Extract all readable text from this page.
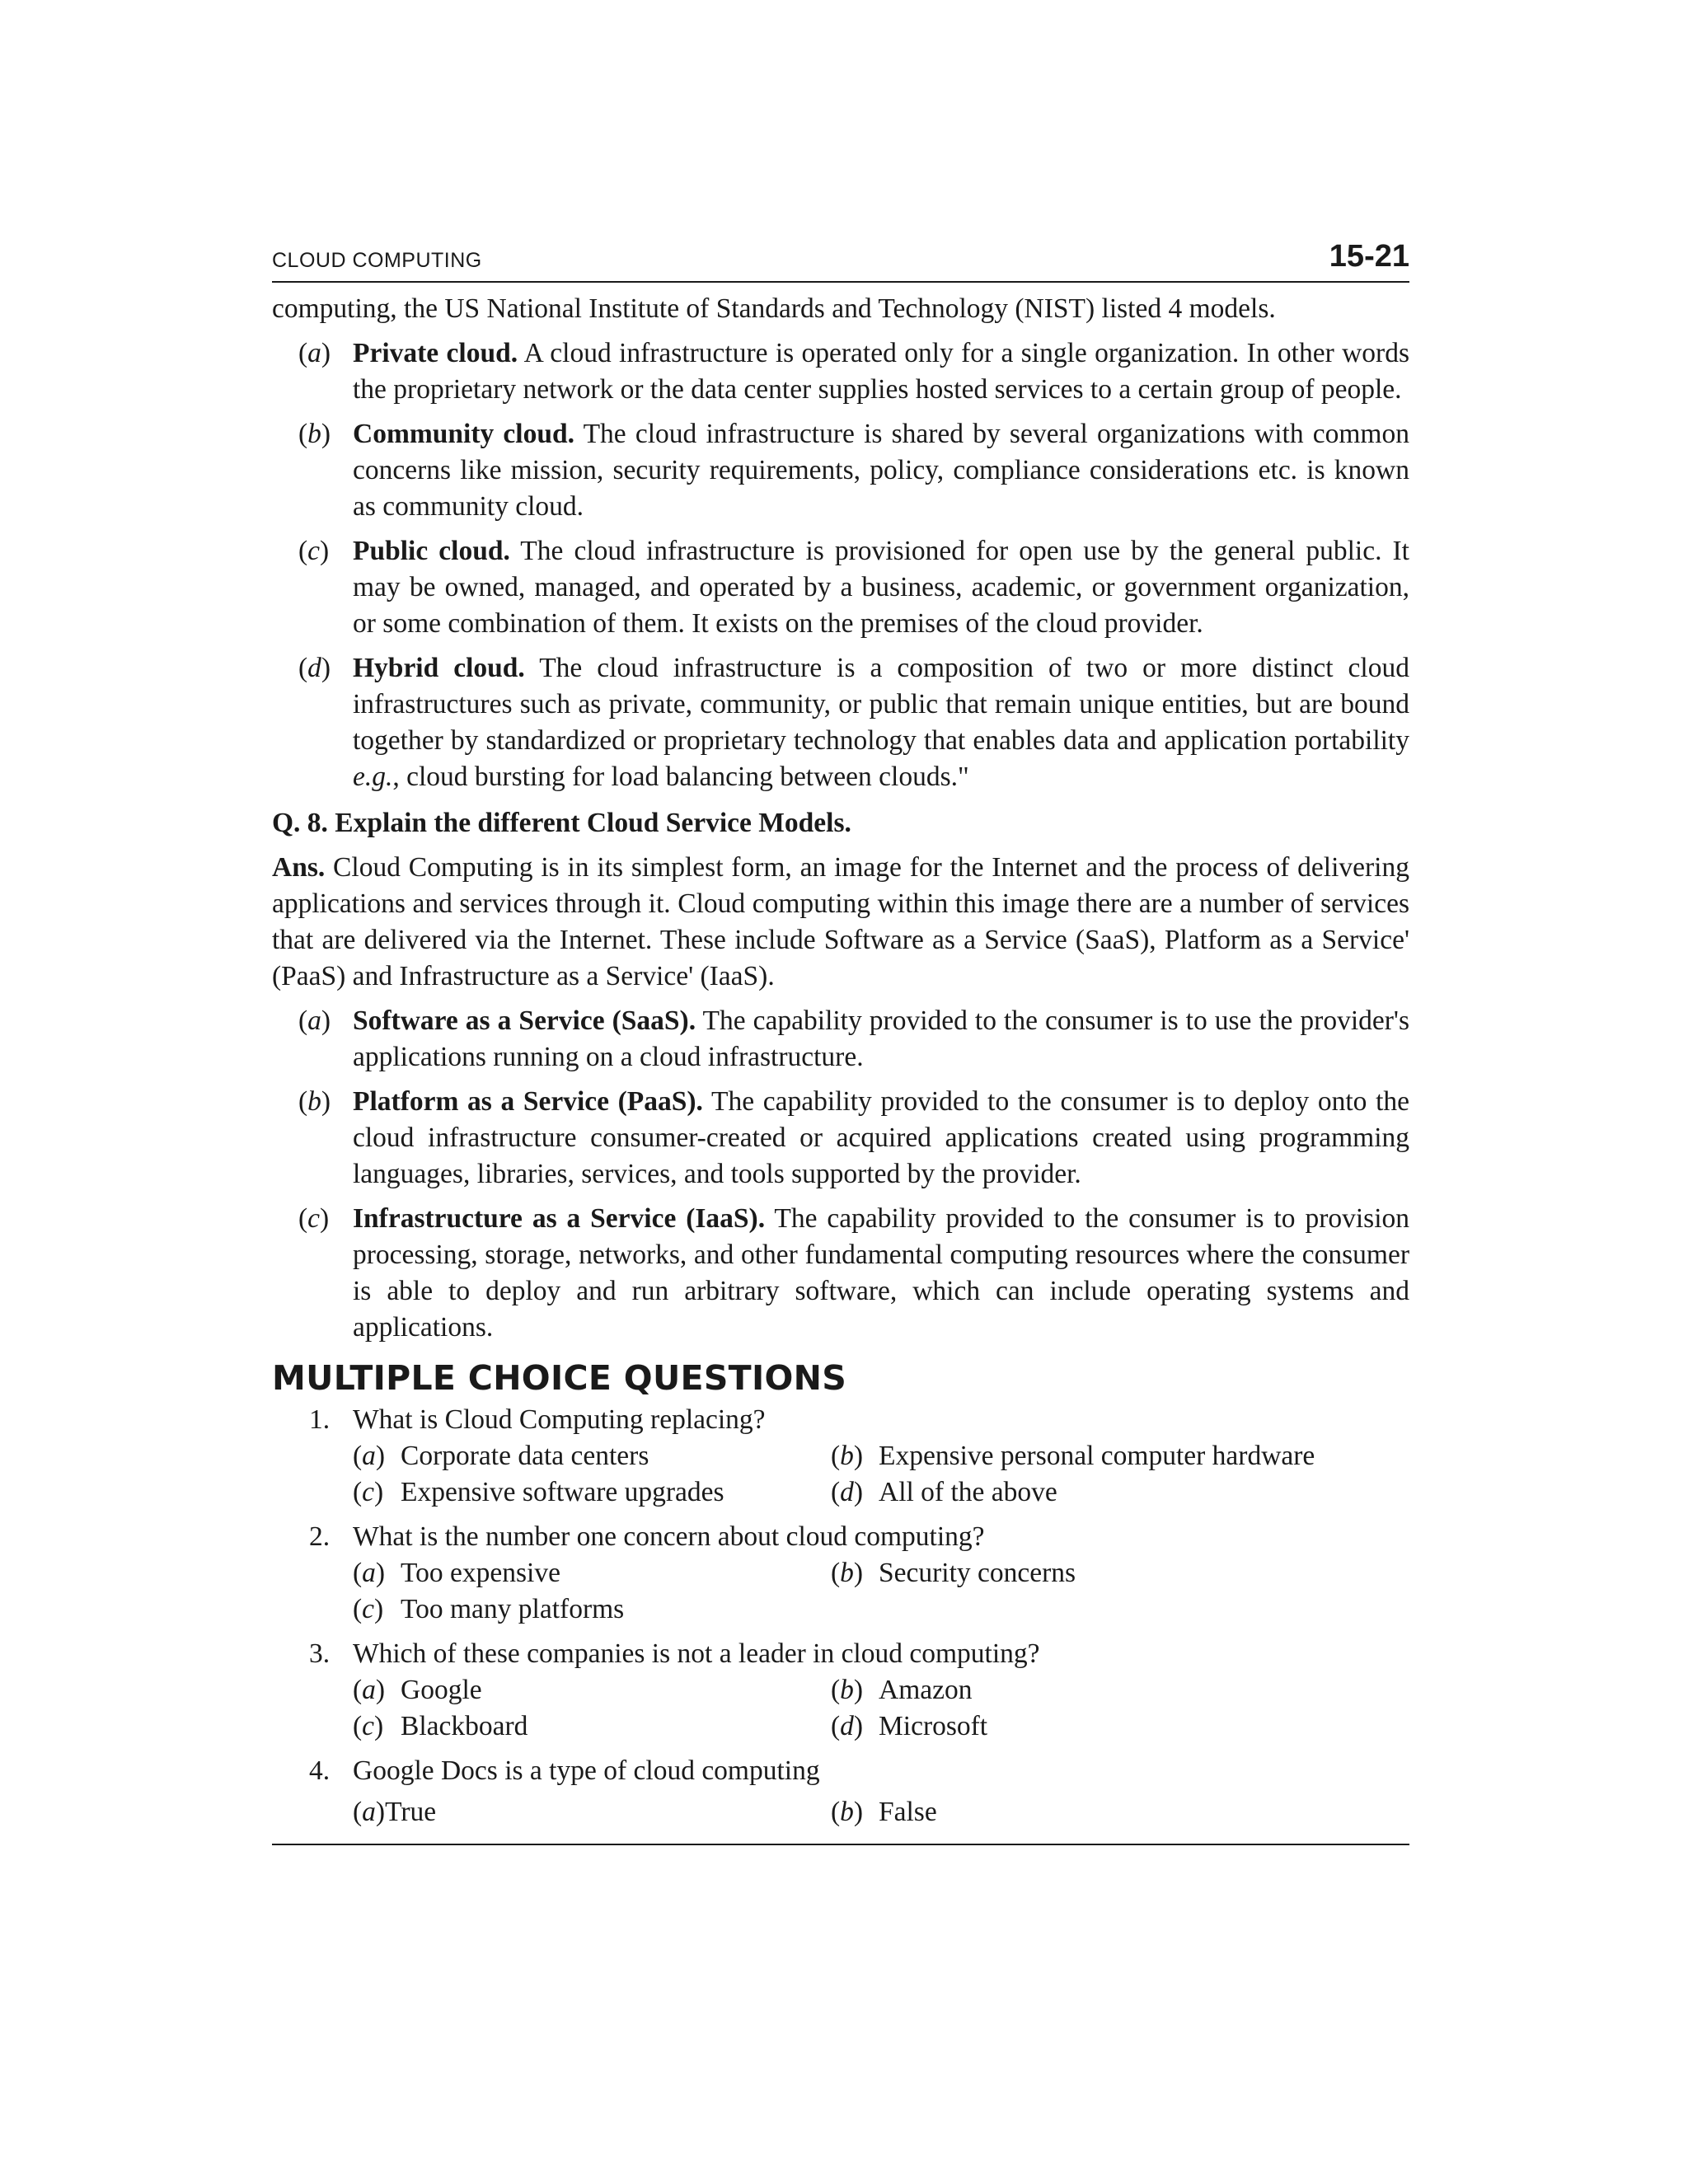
CLOUD COMPUTING	15-21

computing, the US National Institute of Standards and Technology (NIST) listed 4 models.

(a) Private cloud. A cloud infrastructure is operated only for a single organization. In other words the proprietary network or the data center supplies hosted services to a certain group of people.
(b) Community cloud. The cloud infrastructure is shared by several organizations with common concerns like mission, security requirements, policy, compliance considerations etc. is known as community cloud.
(c) Public cloud. The cloud infrastructure is provisioned for open use by the general public. It may be owned, managed, and operated by a business, academic, or government organization, or some combination of them. It exists on the premises of the cloud provider.
(d) Hybrid cloud. The cloud infrastructure is a composition of two or more distinct cloud infrastructures such as private, community, or public that remain unique entities, but are bound together by standardized or proprietary technology that enables data and application portability e.g., cloud bursting for load balancing between clouds."

Q. 8. Explain the different Cloud Service Models.

Ans. Cloud Computing is in its simplest form, an image for the Internet and the process of delivering applications and services through it. Cloud computing within this image there are a number of services that are delivered via the Internet. These include Software as a Service (SaaS), Platform as a Service' (PaaS) and Infrastructure as a Service' (IaaS).

(a) Software as a Service (SaaS). The capability provided to the consumer is to use the provider's applications running on a cloud infrastructure.
(b) Platform as a Service (PaaS). The capability provided to the consumer is to deploy onto the cloud infrastructure consumer-created or acquired applications created using programming languages, libraries, services, and tools supported by the provider.
(c) Infrastructure as a Service (IaaS). The capability provided to the consumer is to provision processing, storage, networks, and other fundamental computing resources where the consumer is able to deploy and run arbitrary software, which can include operating systems and applications.
MULTIPLE CHOICE QUESTIONS
1. What is Cloud Computing replacing?
(a) Corporate data centers	(b) Expensive personal computer hardware
(c) Expensive software upgrades	(d) All of the above
2. What is the number one concern about cloud computing?
(a) Too expensive	(b) Security concerns
(c) Too many platforms
3. Which of these companies is not a leader in cloud computing?
(a) Google	(b) Amazon
(c) Blackboard	(d) Microsoft
4. Google Docs is a type of cloud computing
(a)True	(b) False
